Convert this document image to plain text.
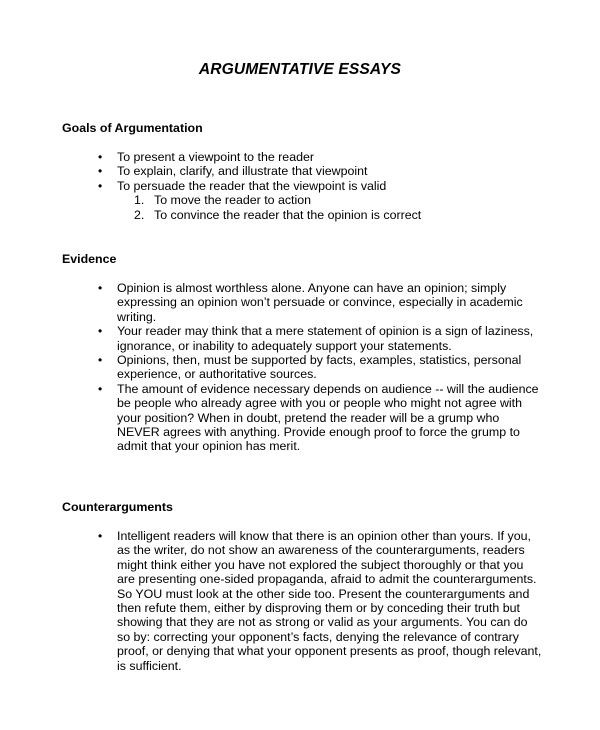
ARGUMENTATIVE ESSAYS
Goals of Argumentation
• To present a viewpoint to the reader
• To explain, clarify, and illustrate that viewpoint
• To persuade the reader that the viewpoint is valid
1. To move the reader to action
2. To convince the reader that the opinion is correct
Evidence
• Opinion is almost worthless alone. Anyone can have an opinion; simply
expressing an opinion won’t persuade or convince, especially in academic
writing.
• Your reader may think that a mere statement of opinion is a sign of laziness,
ignorance, or inability to adequately support your statements.
• Opinions, then, must be supported by facts, examples, statistics, personal
experience, or authoritative sources.
• The amount of evidence necessary depends on audience -- will the audience
be people who already agree with you or people who might not agree with
your position? When in doubt, pretend the reader will be a grump who
NEVER agrees with anything. Provide enough proof to force the grump to
admit that your opinion has merit.
Counterarguments
• Intelligent readers will know that there is an opinion other than yours. If you,
as the writer, do not show an awareness of the counterarguments, readers
might think either you have not explored the subject thoroughly or that you
are presenting one-sided propaganda, afraid to admit the counterarguments.
So YOU must look at the other side too. Present the counterarguments and
then refute them, either by disproving them or by conceding their truth but
showing that they are not as strong or valid as your arguments. You can do
so by: correcting your opponent’s facts, denying the relevance of contrary
proof, or denying that what your opponent presents as proof, though relevant,
is sufficient.
